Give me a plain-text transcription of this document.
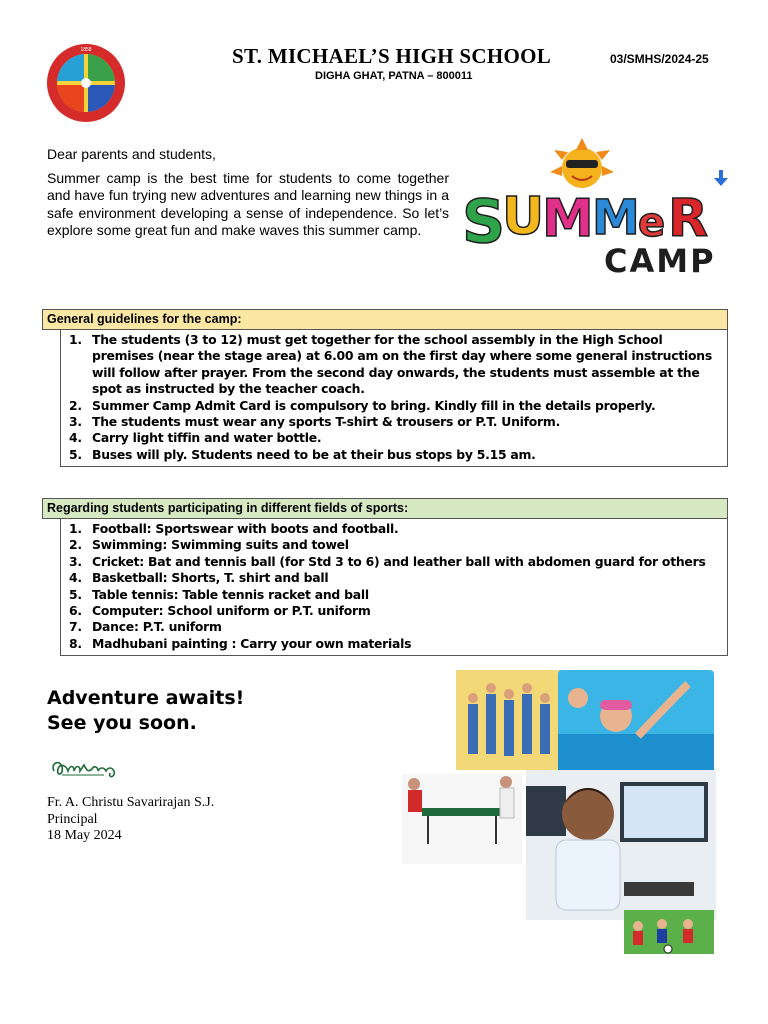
1858	ST. MICHAEL’S HIGH SCHOOL	03/SMHS/2024-25
DIGHA GHAT, PATNA – 800011
Dear parents and students,
Summer camp is the best time for students to come together and have fun trying new adventures and learning new things in a safe environment developing a sense of independence. So let’s explore some great fun and make waves this summer camp. S
U
M
M
e R
CAMP
General guidelines for the camp:
1. The students (3 to 12) must get together for the school assembly in the High School premises (near the stage area) at 6.00 am on the first day where some general instructions will follow after prayer. From the second day onwards, the students must assemble at the spot as instructed by the teacher coach.
2. Summer Camp Admit Card is compulsory to bring. Kindly fill in the details properly.
3. The students must wear any sports T-shirt & trousers or P.T. Uniform.
4. Carry light tiffin and water bottle.
5. Buses will ply. Students need to be at their bus stops by 5.15 am.
Regarding students participating in different fields of sports:
1. Football: Sportswear with boots and football.
2. Swimming: Swimming suits and towel
3. Cricket: Bat and tennis ball (for Std 3 to 6) and leather ball with abdomen guard for others
4. Basketball: Shorts, T. shirt and ball
5. Table tennis: Table tennis racket and ball
6. Computer: School uniform or P.T. uniform
7. Dance: P.T. uniform
8. Madhubani painting : Carry your own materials
Adventure awaits!
See you soon.
Fr. A. Christu Savarirajan S.J.
Principal
18 May 2024
